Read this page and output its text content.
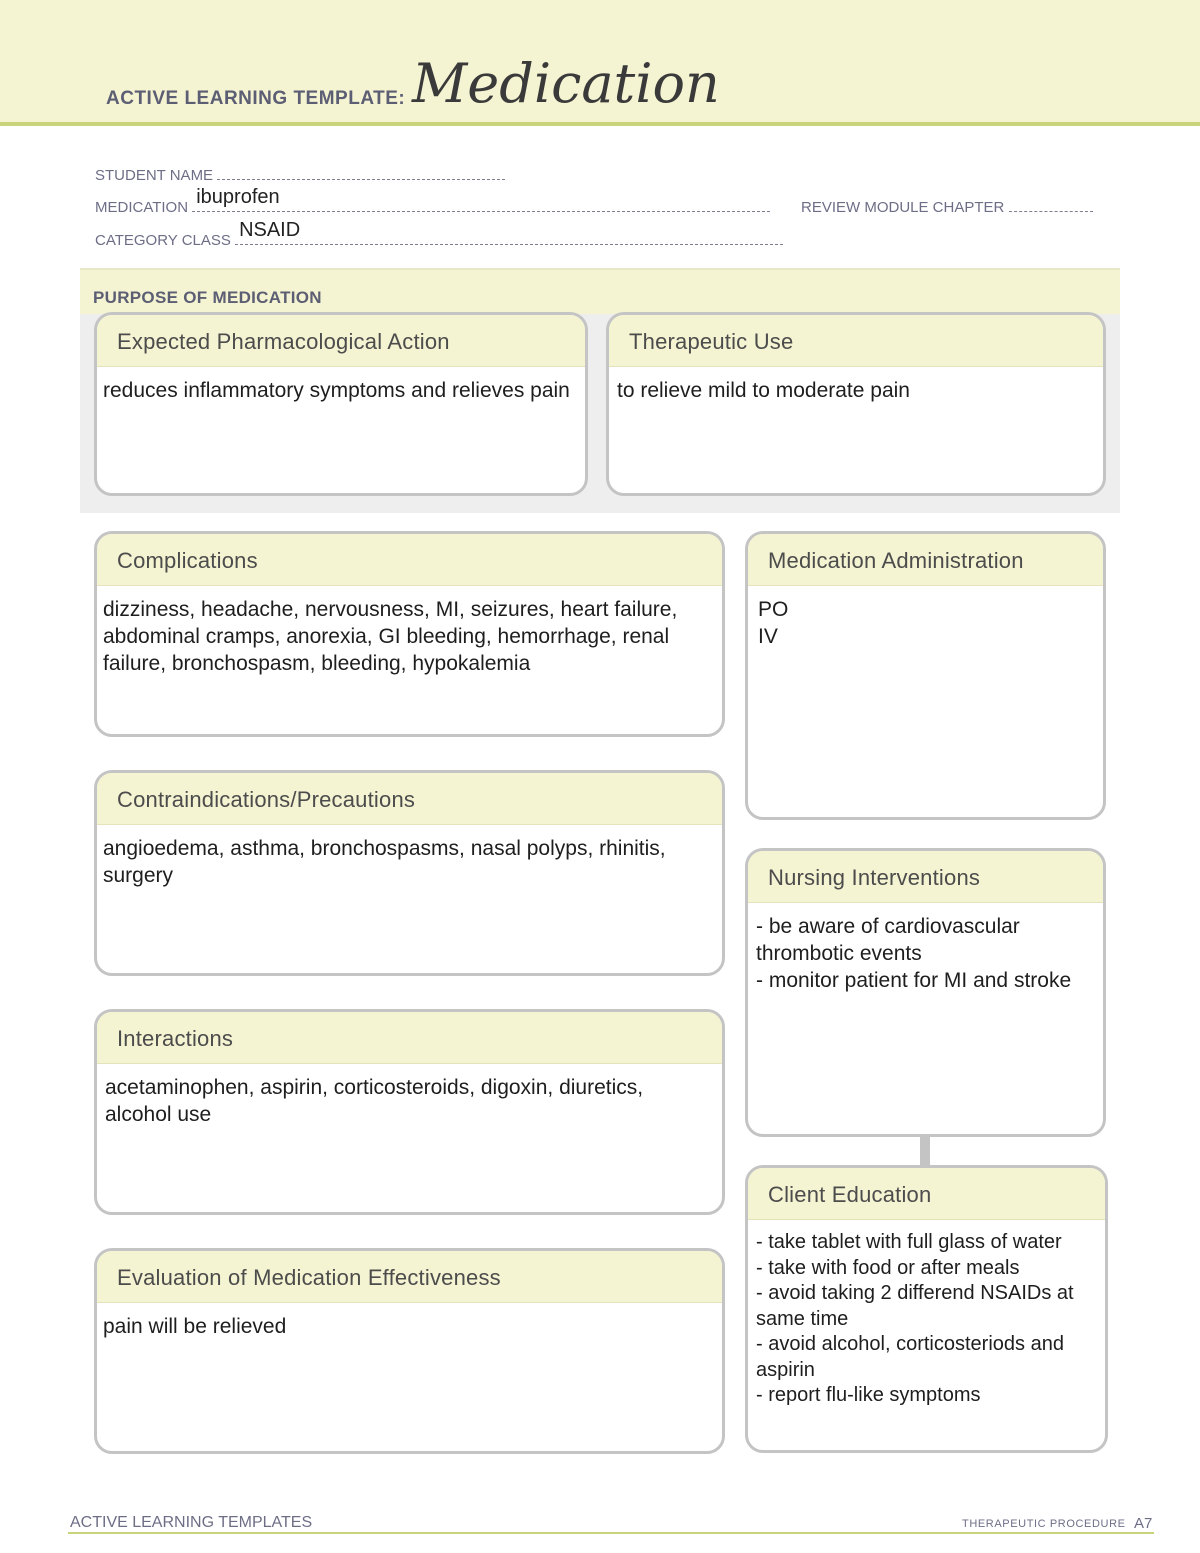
ACTIVE LEARNING TEMPLATE: Medication
STUDENT NAME
MEDICATION ibuprofen	REVIEW MODULE CHAPTER
CATEGORY CLASS NSAID
PURPOSE OF MEDICATION
Expected Pharmacological Action
reduces inflammatory symptoms and relieves pain
Therapeutic Use
to relieve mild to moderate pain
Complications
dizziness, headache, nervousness, MI, seizures, heart failure, abdominal cramps, anorexia, GI bleeding, hemorrhage, renal failure, bronchospasm, bleeding, hypokalemia
Medication Administration
PO
IV
Contraindications/Precautions
angioedema, asthma, bronchospasms, nasal polyps, rhinitis, surgery	Nursing Interventions
- be aware of cardiovascular thrombotic events
- monitor patient for MI and stroke
Interactions
acetaminophen, aspirin, corticosteroids, digoxin, diuretics, alcohol use
Client Education
- take tablet with full glass of water
- take with food or after meals
- avoid taking 2 differend NSAIDs at same time
- avoid alcohol, corticosteriods and aspirin
- report flu-like symptoms
Evaluation of Medication Effectiveness
pain will be relieved
ACTIVE LEARNING TEMPLATES	THERAPEUTIC PROCEDURE A7
